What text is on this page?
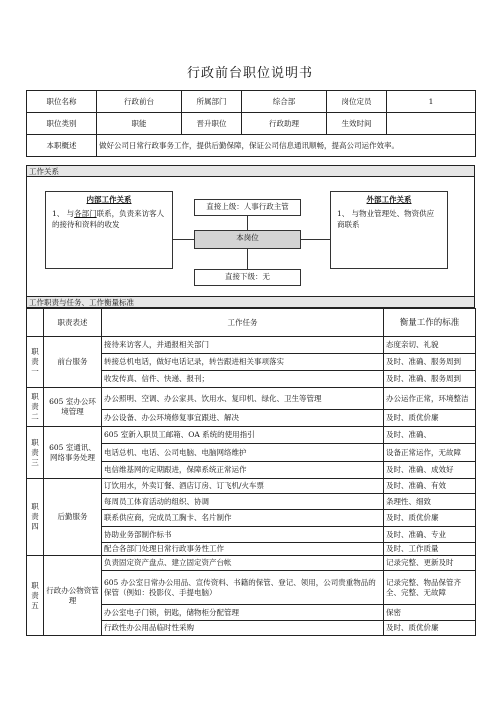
行政前台职位说明书
职位名称	行政前台	所属部门	综合部	岗位定员	1
职位类别	职能	晋升职位	行政助理	生效时间	
本职概述	做好公司日常行政事务工作，提供后勤保障，保证公司信息通讯顺畅，提高公司运作效率。				
工作关系
内部工作关系
1、 与各部门联系，负责来访客人的接待和资料的收发
直接上级：人事行政主管
本岗位
直接下级：无
外部工作关系
1、 与物业管理处、物资供应商联系
工作职责与任务、工作衡量标准
	职责表述	工作任务	衡量工作的标准
职
责
一	前台服务	接待来访客人，并通报相关部门	态度亲切、礼貌
		转接总机电话，做好电话记录，转告跟进相关事项落实	及时、准确、服务周到
		收发传真、信件、快递、报刊；	及时、准确、服务周到
职
责
二	605 室办公环境管理	办公照明、空调、办公家具、饮用水、复印机、绿化、卫生等管理	办公运作正常，环境整洁
		办公设备、办公环境修复事宜跟进、解决	及时、质优价廉
职
责
三	605 室通讯、网络事务处理	605 室新入职员工邮箱、OA 系统的使用指引	及时、准确、
		电话总机、电话、公司电脑、电脑网络维护	设备正常运作，无故障
		电信维基网的定期跟进，保障系统正常运作	及时、准确、成效好
职
责
四	后勤服务	订饮用水，外卖订餐、酒店订房、订飞机/火车票	及时、准确、有效
		每周员工体育活动的组织、协调	条理性、细致
		联系供应商，完成员工胸卡、名片制作	及时、质优价廉
		协助业务部制作标书	及时、准确、专业
		配合各部门处理日常行政事务性工作	及时、工作质量
职
责
五	行政办公物资管理	负责固定资产盘点、建立固定资产台帐	记录完整、更新及时
		605 办公室日常办公用品、宣传资料、书籍的保管、登记、领用，公司贵重物品的保管（例如：投影仪、手提电脑）	记录完整、物品保管齐全、完整、无故障
		办公室电子门锁，钥匙，储物柜分配管理	保密
		行政性办公用品临时性采购	及时、质优价廉
